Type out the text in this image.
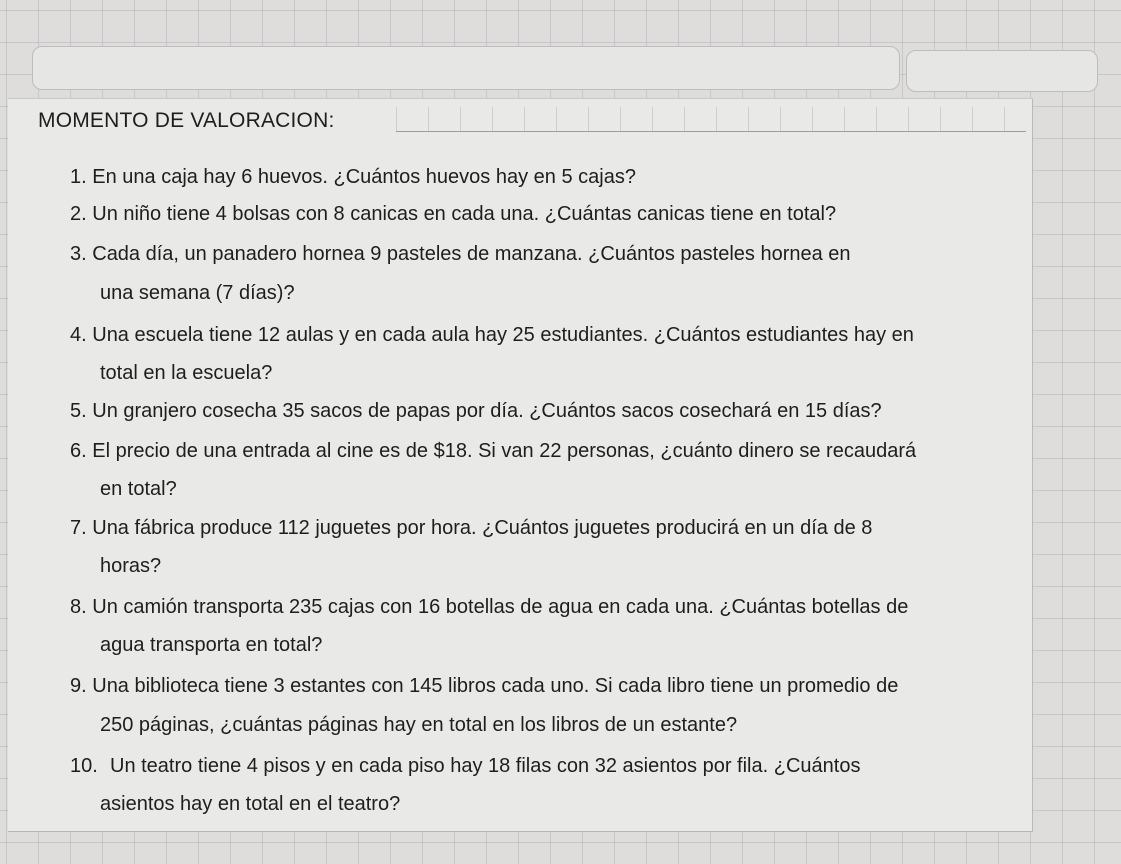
MOMENTO DE VALORACION:
1. En una caja hay 6 huevos. ¿Cuántos huevos hay en 5 cajas?
2. Un niño tiene 4 bolsas con 8 canicas en cada una. ¿Cuántas canicas tiene en total?
3. Cada día, un panadero hornea 9 pasteles de manzana. ¿Cuántos pasteles hornea en
una semana (7 días)?
4. Una escuela tiene 12 aulas y en cada aula hay 25 estudiantes. ¿Cuántos estudiantes hay en
total en la escuela?
5. Un granjero cosecha 35 sacos de papas por día. ¿Cuántos sacos cosechará en 15 días?
6. El precio de una entrada al cine es de $18. Si van 22 personas, ¿cuánto dinero se recaudará
en total?
7. Una fábrica produce 112 juguetes por hora. ¿Cuántos juguetes producirá en un día de 8
horas?
8. Un camión transporta 235 cajas con 16 botellas de agua en cada una. ¿Cuántas botellas de
agua transporta en total?
9. Una biblioteca tiene 3 estantes con 145 libros cada uno. Si cada libro tiene un promedio de
250 páginas, ¿cuántas páginas hay en total en los libros de un estante?
10. Un teatro tiene 4 pisos y en cada piso hay 18 filas con 32 asientos por fila. ¿Cuántos
asientos hay en total en el teatro?
